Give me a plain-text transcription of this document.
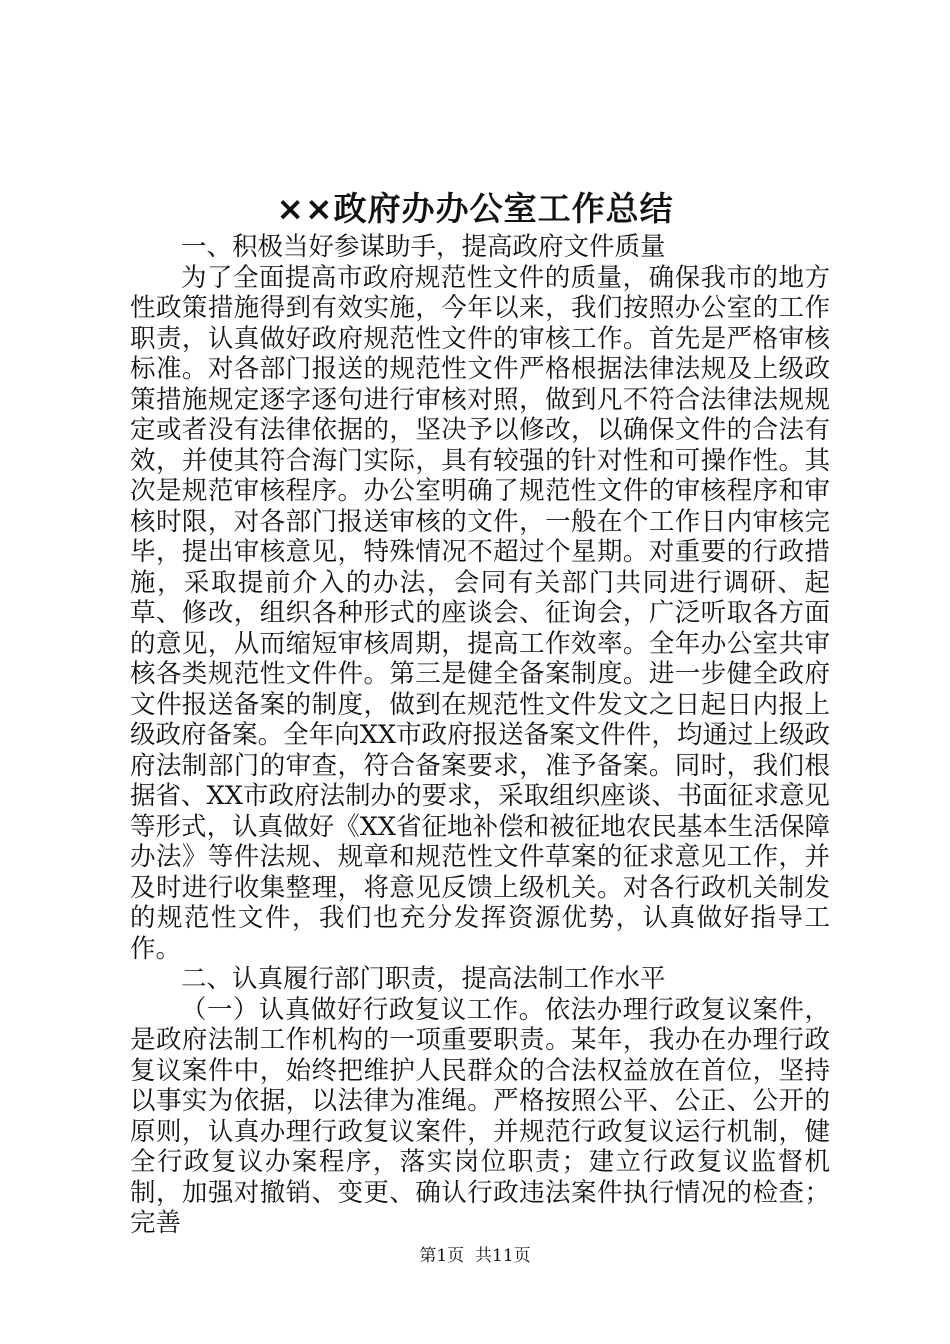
××政府办办公室工作总结

一、积极当好参谋助手，提高政府文件质量

为了全面提高市政府规范性文件的质量，确保我市的地方性政策措施得到有效实施，今年以来，我们按照办公室的工作职责，认真做好政府规范性文件的审核工作。首先是严格审核标准。对各部门报送的规范性文件严格根据法律法规及上级政策措施规定逐字逐句进行审核对照，做到凡不符合法律法规规定或者没有法律依据的，坚决予以修改，以确保文件的合法有效，并使其符合海门实际，具有较强的针对性和可操作性。其次是规范审核程序。办公室明确了规范性文件的审核程序和审核时限，对各部门报送审核的文件，一般在个工作日内审核完毕，提出审核意见，特殊情况不超过个星期。对重要的行政措施，采取提前介入的办法，会同有关部门共同进行调研、起草、修改，组织各种形式的座谈会、征询会，广泛听取各方面的意见，从而缩短审核周期，提高工作效率。全年办公室共审核各类规范性文件件。第三是健全备案制度。进一步健全政府文件报送备案的制度，做到在规范性文件发文之日起日内报上级政府备案。全年向XX市政府报送备案文件件，均通过上级政府法制部门的审查，符合备案要求，准予备案。同时，我们根据省、XX市政府法制办的要求，采取组织座谈、书面征求意见等形式，认真做好《XX省征地补偿和被征地农民基本生活保障办法》等件法规、规章和规范性文件草案的征求意见工作，并及时进行收集整理，将意见反馈上级机关。对各行政机关制发的规范性文件，我们也充分发挥资源优势，认真做好指导工作。

二、认真履行部门职责，提高法制工作水平

（一）认真做好行政复议工作。依法办理行政复议案件，是政府法制工作机构的一项重要职责。某年，我办在办理行政复议案件中，始终把维护人民群众的合法权益放在首位，坚持以事实为依据，以法律为准绳。严格按照公平、公正、公开的原则，认真办理行政复议案件，并规范行政复议运行机制，健全行政复议办案程序，落实岗位职责；建立行政复议监督机制，加强对撤销、变更、确认行政违法案件执行情况的检查；完善

第1页 共11页
